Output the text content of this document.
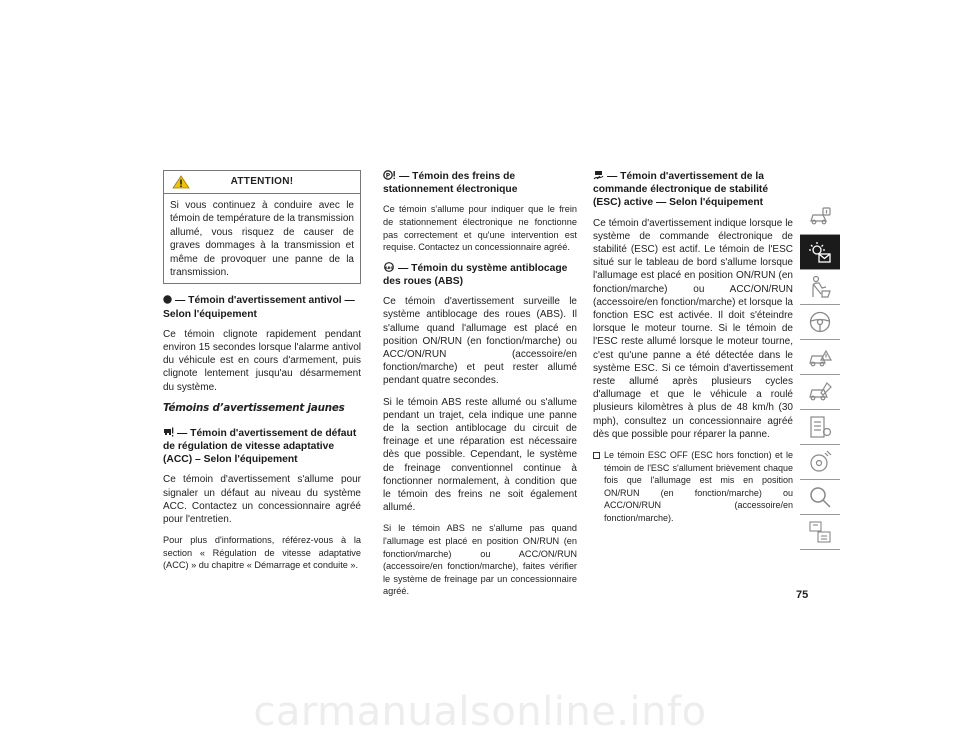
ATTENTION!

Si vous continuez à conduire avec le témoin de température de la transmission allumé, vous risquez de causer de graves dommages à la transmission et même de provoquer une panne de la transmission.

— Témoin d'avertissement antivol — Selon l'équipement

Ce témoin clignote rapidement pendant environ 15 secondes lorsque l'alarme antivol du véhicule est en cours d'armement, puis clignote lentement jusqu'au désarmement du système.

Témoins d’avertissement jaunes
— Témoin d'avertissement de défaut de régulation de vitesse adaptative (ACC) – Selon l'équipement

Ce témoin d'avertissement s'allume pour signaler un défaut au niveau du système ACC. Contactez un concessionnaire agréé pour l'entretien.

Pour plus d'informations, référez-vous à la section « Régulation de vitesse adaptative (ACC) » du chapitre « Démarrage et conduite ».

P — Témoin des freins de stationnement électronique

Ce témoin s'allume pour indiquer que le frein de stationnement électronique ne fonctionne pas correctement et qu'une intervention est requise. Contactez un concessionnaire agréé.

ABS — Témoin du système antiblocage des roues (ABS)

Ce témoin d'avertissement surveille le système antiblocage des roues (ABS). Il s'allume quand l'allumage est placé en position ON/RUN (en fonction/marche) ou ACC/ON/RUN (accessoire/en fonction/marche) et peut rester allumé pendant quatre secondes.

Si le témoin ABS reste allumé ou s'allume pendant un trajet, cela indique une panne de la section antiblocage du circuit de freinage et une réparation est nécessaire dès que possible. Cependant, le système de freinage conventionnel continue à fonctionner normalement, à condition que le témoin des freins ne soit également allumé.

Si le témoin ABS ne s'allume pas quand l'allumage est placé en position ON/RUN (en fonction/marche) ou ACC/ON/RUN (accessoire/en fonction/marche), faites vérifier le système de freinage par un concessionnaire agréé.

— Témoin d'avertissement de la commande électronique de stabilité (ESC) active — Selon l'équipement

Ce témoin d'avertissement indique lorsque le système de commande électronique de stabilité (ESC) est actif. Le témoin de l'ESC situé sur le tableau de bord s'allume lorsque l'allumage est placé en position ON/RUN (en fonction/marche) ou ACC/ON/RUN (accessoire/en fonction/marche) et lorsque la fonction ESC est activée. Il doit s'éteindre lorsque le moteur tourne. Si le témoin de l'ESC reste allumé lorsque le moteur tourne, c'est qu'une panne a été détectée dans le système ESC. Si ce témoin d'avertissement reste allumé après plusieurs cycles d'allumage et que le véhicule a roulé plusieurs kilomètres à plus de 48 km/h (30 mph), consultez un concessionnaire agréé dès que possible pour réparer la panne.

Le témoin ESC OFF (ESC hors fonction) et le témoin de l'ESC s'allument brièvement chaque fois que l'allumage est mis en position ON/RUN (en fonction/marche) ou ACC/ON/RUN (accessoire/en fonction/marche).
75
carmanualsonline.info
